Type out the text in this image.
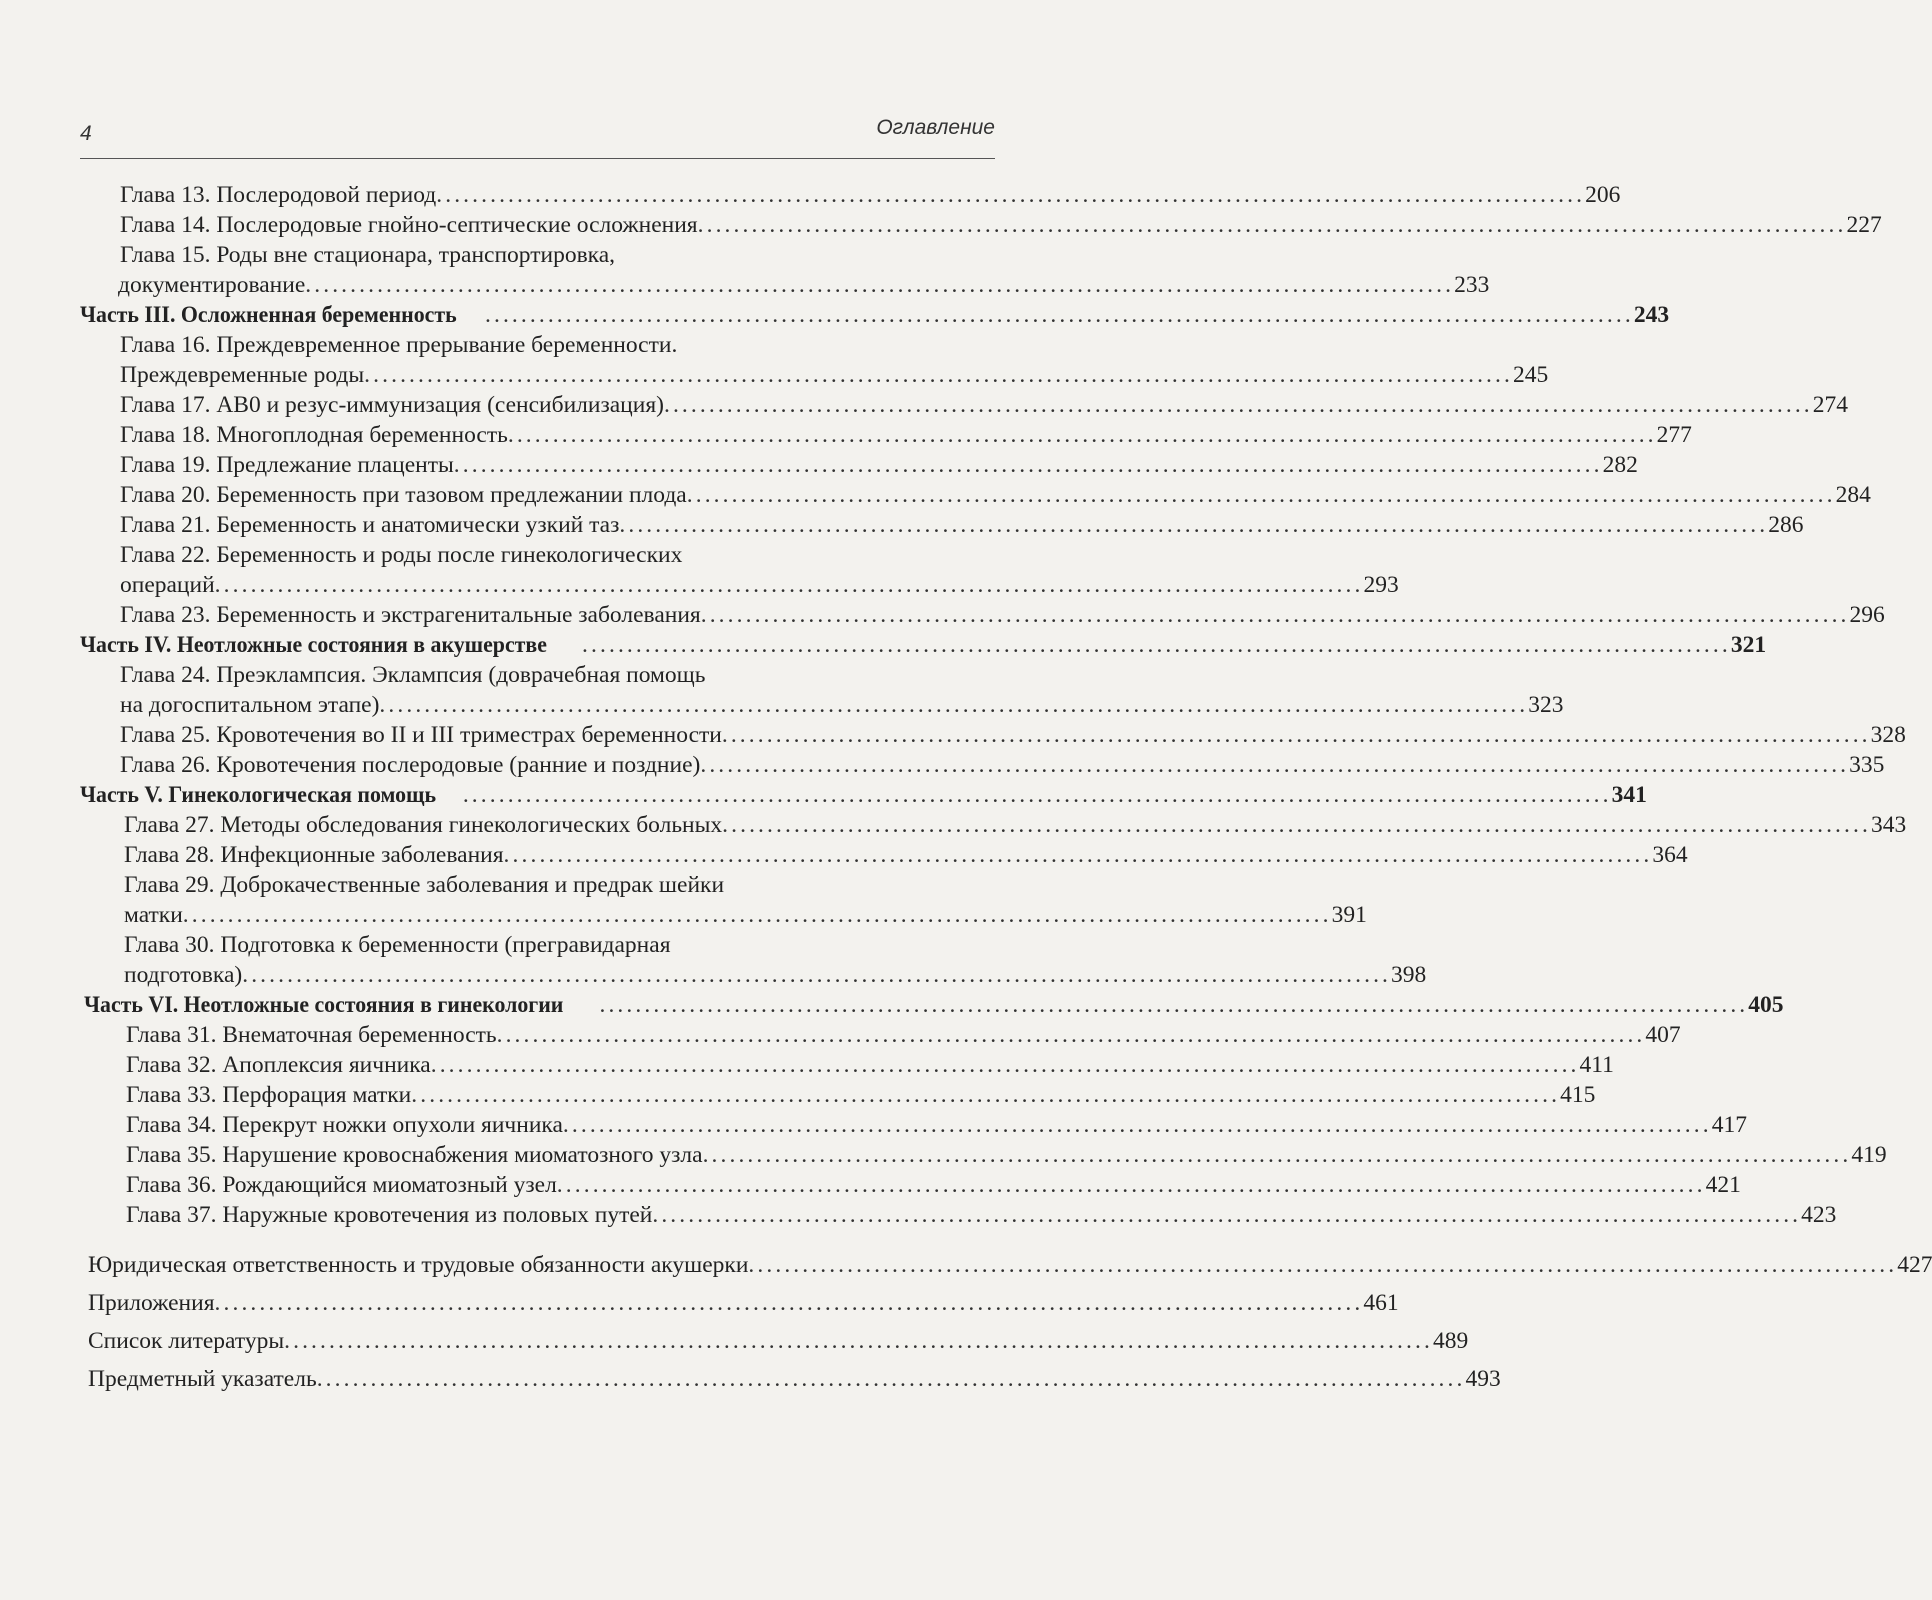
4	Оглавление
Глава 13. Послеродовой период ................................................................................................................................ 206
Глава 14. Послеродовые гнойно-септические осложнения ................................................................................................................................ 227
Глава 15. Роды вне стационара, транспортировка,
документирование ................................................................................................................................ 233
Часть III. Осложненная беременность ................................................................................................................................ 243
Глава 16. Преждевременное прерывание беременности.
Преждевременные роды ................................................................................................................................ 245
Глава 17. АВ0 и резус-иммунизация (сенсибилизация) ................................................................................................................................ 274
Глава 18. Многоплодная беременность ................................................................................................................................ 277
Глава 19. Предлежание плаценты ................................................................................................................................ 282
Глава 20. Беременность при тазовом предлежании плода ................................................................................................................................ 284
Глава 21. Беременность и анатомически узкий таз ................................................................................................................................ 286
Глава 22. Беременность и роды после гинекологических
операций ................................................................................................................................ 293
Глава 23. Беременность и экстрагенитальные заболевания ................................................................................................................................ 296
Часть IV. Неотложные состояния в акушерстве ................................................................................................................................ 321
Глава 24. Преэклампсия. Эклампсия (доврачебная помощь
на догоспитальном этапе) ................................................................................................................................ 323
Глава 25. Кровотечения во II и III триместрах беременности ................................................................................................................................ 328
Глава 26. Кровотечения послеродовые (ранние и поздние) ................................................................................................................................ 335
Часть V. Гинекологическая помощь ................................................................................................................................ 341
Глава 27. Методы обследования гинекологических больных ................................................................................................................................ 343
Глава 28. Инфекционные заболевания ................................................................................................................................ 364
Глава 29. Доброкачественные заболевания и предрак шейки
матки ................................................................................................................................ 391
Глава 30. Подготовка к беременности (прегравидарная
подготовка) ................................................................................................................................ 398
Часть VI. Неотложные состояния в гинекологии ................................................................................................................................ 405
Глава 31. Внематочная беременность ................................................................................................................................ 407
Глава 32. Апоплексия яичника ................................................................................................................................ 411
Глава 33. Перфорация матки ................................................................................................................................ 415
Глава 34. Перекрут ножки опухоли яичника ................................................................................................................................ 417
Глава 35. Нарушение кровоснабжения миоматозного узла ................................................................................................................................ 419
Глава 36. Рождающийся миоматозный узел ................................................................................................................................ 421
Глава 37. Наружные кровотечения из половых путей ................................................................................................................................ 423
Юридическая ответственность и трудовые обязанности акушерки ................................................................................................................................ 427
Приложения ................................................................................................................................ 461
Список литературы ................................................................................................................................ 489
Предметный указатель ................................................................................................................................ 493
